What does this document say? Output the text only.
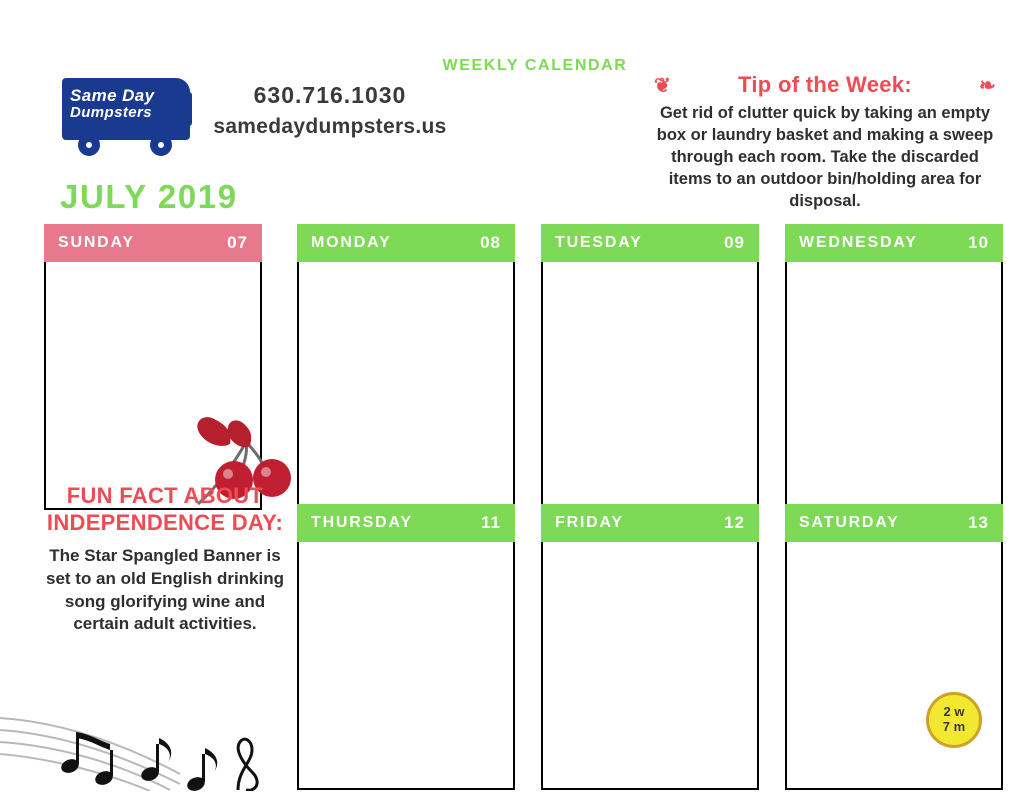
Same Day
Dumpsters
630.716.1030
samedaydumpsters.us
WEEKLY CALENDAR
❦	Tip of the Week:	❧
Get rid of clutter quick by taking an empty box or laundry basket and making a sweep through each room. Take the discarded items to an outdoor bin/holding area for disposal.
JULY 2019
SUNDAY	07	MONDAY	08	TUESDAY	09	WEDNESDAY	10
THURSDAY	11	FRIDAY	12	SATURDAY	13
FUN FACT ABOUT INDEPENDENCE DAY:
The Star Spangled Banner is set to an old English drinking song glorifying wine and certain adult activities.
2 w
7 m
